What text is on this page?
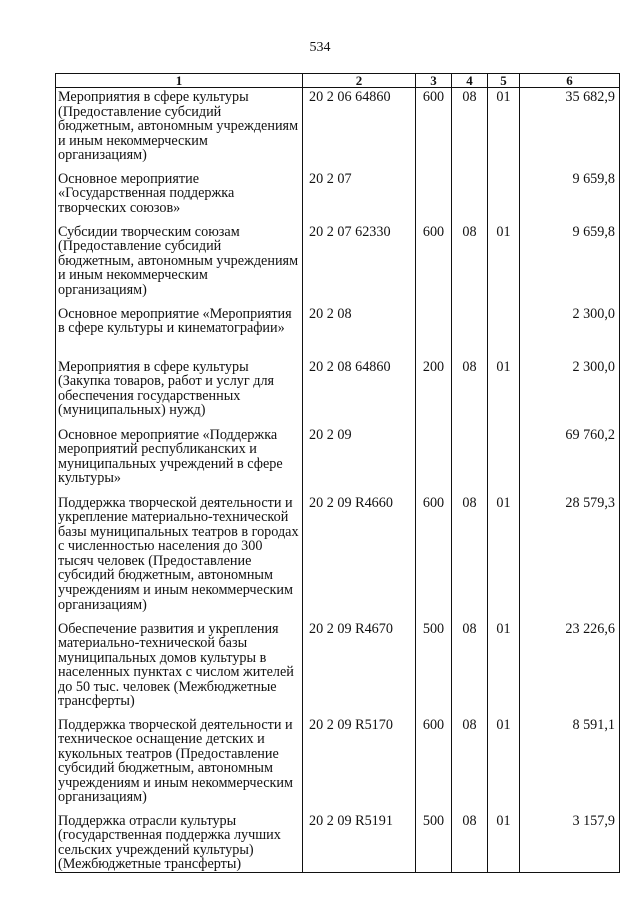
534
1	2	3	4	5	6
Мероприятия в сфере культуры (Предоставление субсидий бюджетным, автономным учреждениям и иным некоммерческим организациям)	20 2 06 64860	600	08	01	35 682,9
Основное мероприятие «Государственная поддержка творческих союзов»	20 2 07				9 659,8
Субсидии творческим союзам (Предоставление субсидий бюджетным, автономным учреждениям и иным некоммерческим организациям)	20 2 07 62330	600	08	01	9 659,8
Основное мероприятие «Мероприятия в сфере культуры и кинематографии»	20 2 08				2 300,0
Мероприятия в сфере культуры (Закупка товаров, работ и услуг для обеспечения государственных (муниципальных) нужд)	20 2 08 64860	200	08	01	2 300,0
Основное мероприятие «Поддержка мероприятий республиканских и муниципальных учреждений в сфере культуры»	20 2 09				69 760,2
Поддержка творческой деятельности и укрепление материально-технической базы муниципальных театров в городах с численностью населения до 300 тысяч человек (Предоставление субсидий бюджетным, автономным учреждениям и иным некоммерческим организациям)	20 2 09 R4660	600	08	01	28 579,3
Обеспечение развития и укрепления материально-технической базы муниципальных домов культуры в населенных пунктах с числом жителей до 50 тыс. человек (Межбюджетные трансферты)	20 2 09 R4670	500	08	01	23 226,6
Поддержка творческой деятельности и техническое оснащение детских и кукольных театров (Предоставление субсидий бюджетным, автономным учреждениям и иным некоммерческим организациям)	20 2 09 R5170	600	08	01	8 591,1
Поддержка отрасли культуры (государственная поддержка лучших сельских учреждений культуры) (Межбюджетные трансферты)	20 2 09 R5191	500	08	01	3 157,9
